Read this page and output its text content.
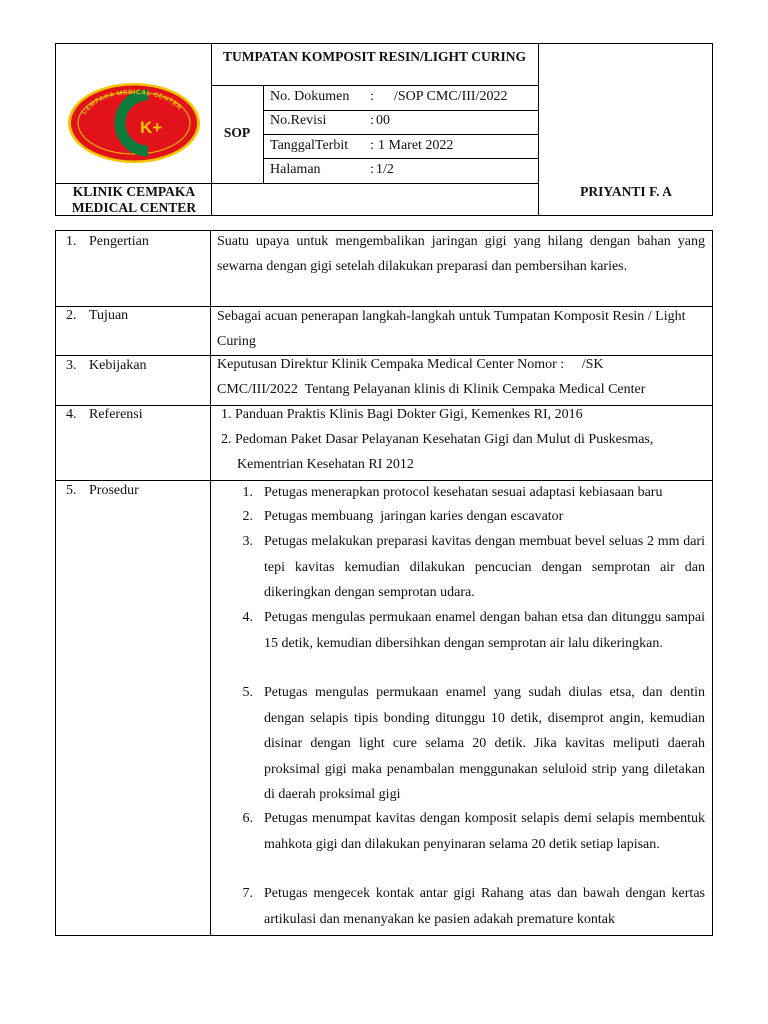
CEMPAKA MEDICAL CENTER
K+
TUMPATAN KOMPOSIT RESIN/LIGHT CURING
SOP
No. Dokumen : /SOP CMC/III/2022
No.Revisi	: 00
TanggalTerbit : 1 Maret 2022
Halaman	: 1/2
KLINIK CEMPAKA MEDICAL CENTER
PRIYANTI F. A
1. Pengertian	Suatu upaya untuk mengembalikan jaringan gigi yang hilang dengan bahan yang sewarna dengan gigi setelah dilakukan preparasi dan pembersihan karies.
2. Tujuan	Sebagai acuan penerapan langkah-langkah untuk Tumpatan Komposit Resin / Light Curing
3. Kebijakan	Keputusan Direktur Klinik Cempaka Medical Center Nomor :     /SK
CMC/III/2022  Tentang Pelayanan klinis di Klinik Cempaka Medical Center
4. Referensi	1. Panduan Praktis Klinis Bagi Dokter Gigi, Kemenkes RI, 2016
2. Pedoman Paket Dasar Pelayanan Kesehatan Gigi dan Mulut di Puskesmas,
Kementrian Kesehatan RI 2012
5. Prosedur	1. Petugas menerapkan protocol kesehatan sesuai adaptasi kebiasaan baru
2. Petugas membuang  jaringan karies dengan escavator
3. Petugas melakukan preparasi kavitas dengan membuat bevel seluas 2 mm dari tepi kavitas kemudian dilakukan pencucian dengan semprotan air dan dikeringkan dengan semprotan udara.
4. Petugas mengulas permukaan enamel dengan bahan etsa dan ditunggu sampai 15 detik, kemudian dibersihkan dengan semprotan air lalu dikeringkan.
5. Petugas mengulas permukaan enamel yang sudah diulas etsa, dan dentin dengan selapis tipis bonding ditunggu 10 detik, disemprot angin, kemudian disinar dengan light cure selama 20 detik. Jika kavitas meliputi daerah proksimal gigi maka penambalan menggunakan seluloid strip yang diletakan di daerah proksimal gigi
6. Petugas menumpat kavitas dengan komposit selapis demi selapis membentuk mahkota gigi dan dilakukan penyinaran selama 20 detik setiap lapisan.
7. Petugas mengecek kontak antar gigi Rahang atas dan bawah dengan kertas artikulasi dan menanyakan ke pasien adakah premature kontak
